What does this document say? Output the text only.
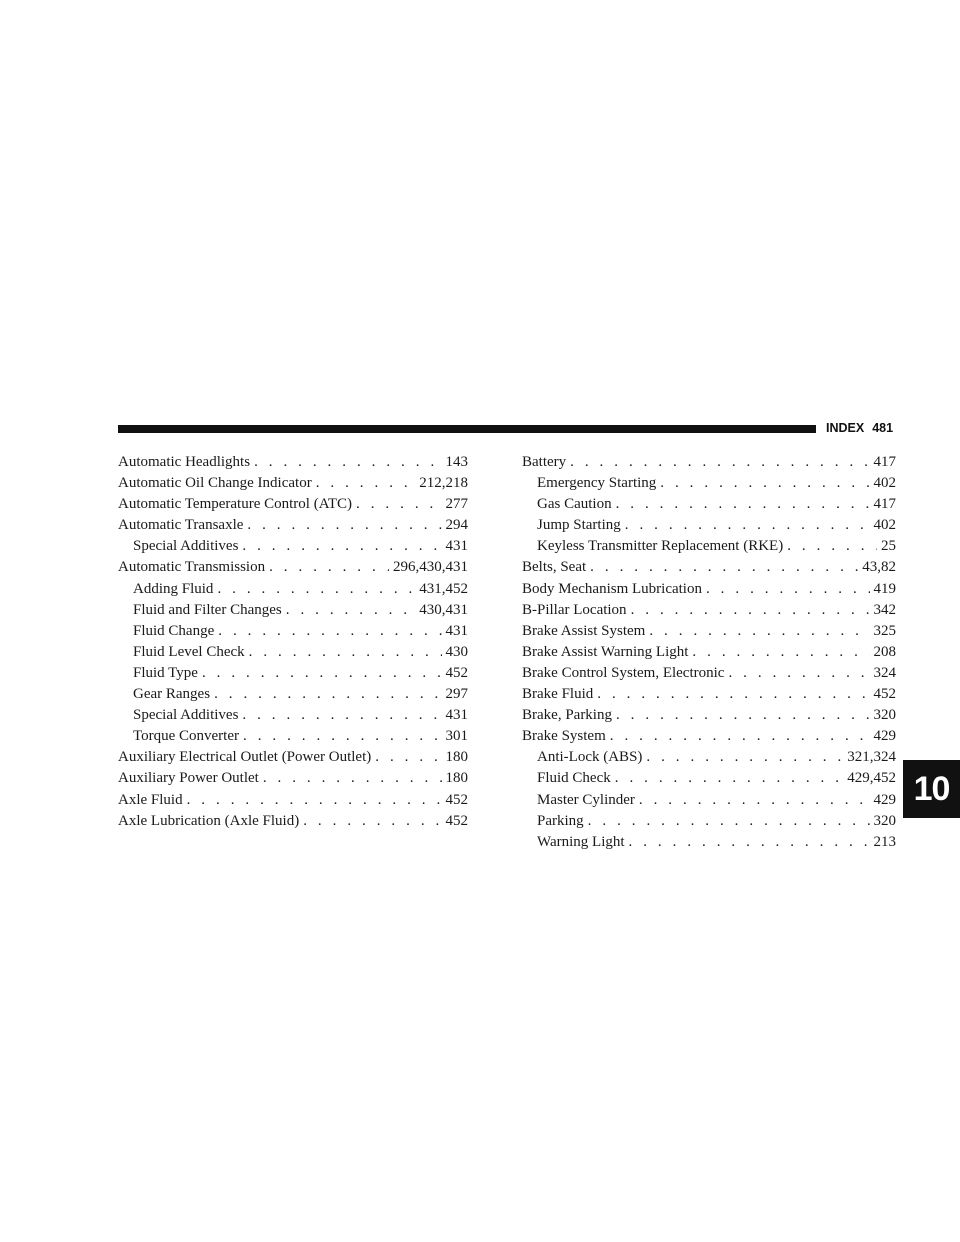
INDEX 481
Automatic Headlights . . .	143
Automatic Oil Change Indicator . . .	212,218
Automatic Temperature Control (ATC) . . .	277
Automatic Transaxle . . .	294
Special Additives . . .	431
Automatic Transmission . . .	296,430,431
Adding Fluid . . .	431,452
Fluid and Filter Changes . . .	430,431
Fluid Change . . .	431
Fluid Level Check . . .	430
Fluid Type . . .	452
Gear Ranges . . .	297
Special Additives . . .	431
Torque Converter . . .	301
Auxiliary Electrical Outlet (Power Outlet) . . .	180
Auxiliary Power Outlet . . .	180
Axle Fluid . . .	452
Axle Lubrication (Axle Fluid) . . .	452
Battery . . .	417
Emergency Starting . . .	402
Gas Caution . . .	417
Jump Starting . . .	402
Keyless Transmitter Replacement (RKE) . . .	25
Belts, Seat . . .	43,82
Body Mechanism Lubrication . . .	419
B-Pillar Location . . .	342
Brake Assist System . . .	325
Brake Assist Warning Light . . .	208
Brake Control System, Electronic . . .	324
Brake Fluid . . .	452
Brake, Parking . . .	320
Brake System . . .	429
Anti-Lock (ABS) . . .	321,324
Fluid Check . . .	429,452
Master Cylinder . . .	429
Parking . . .	320
Warning Light . . .	213
10
